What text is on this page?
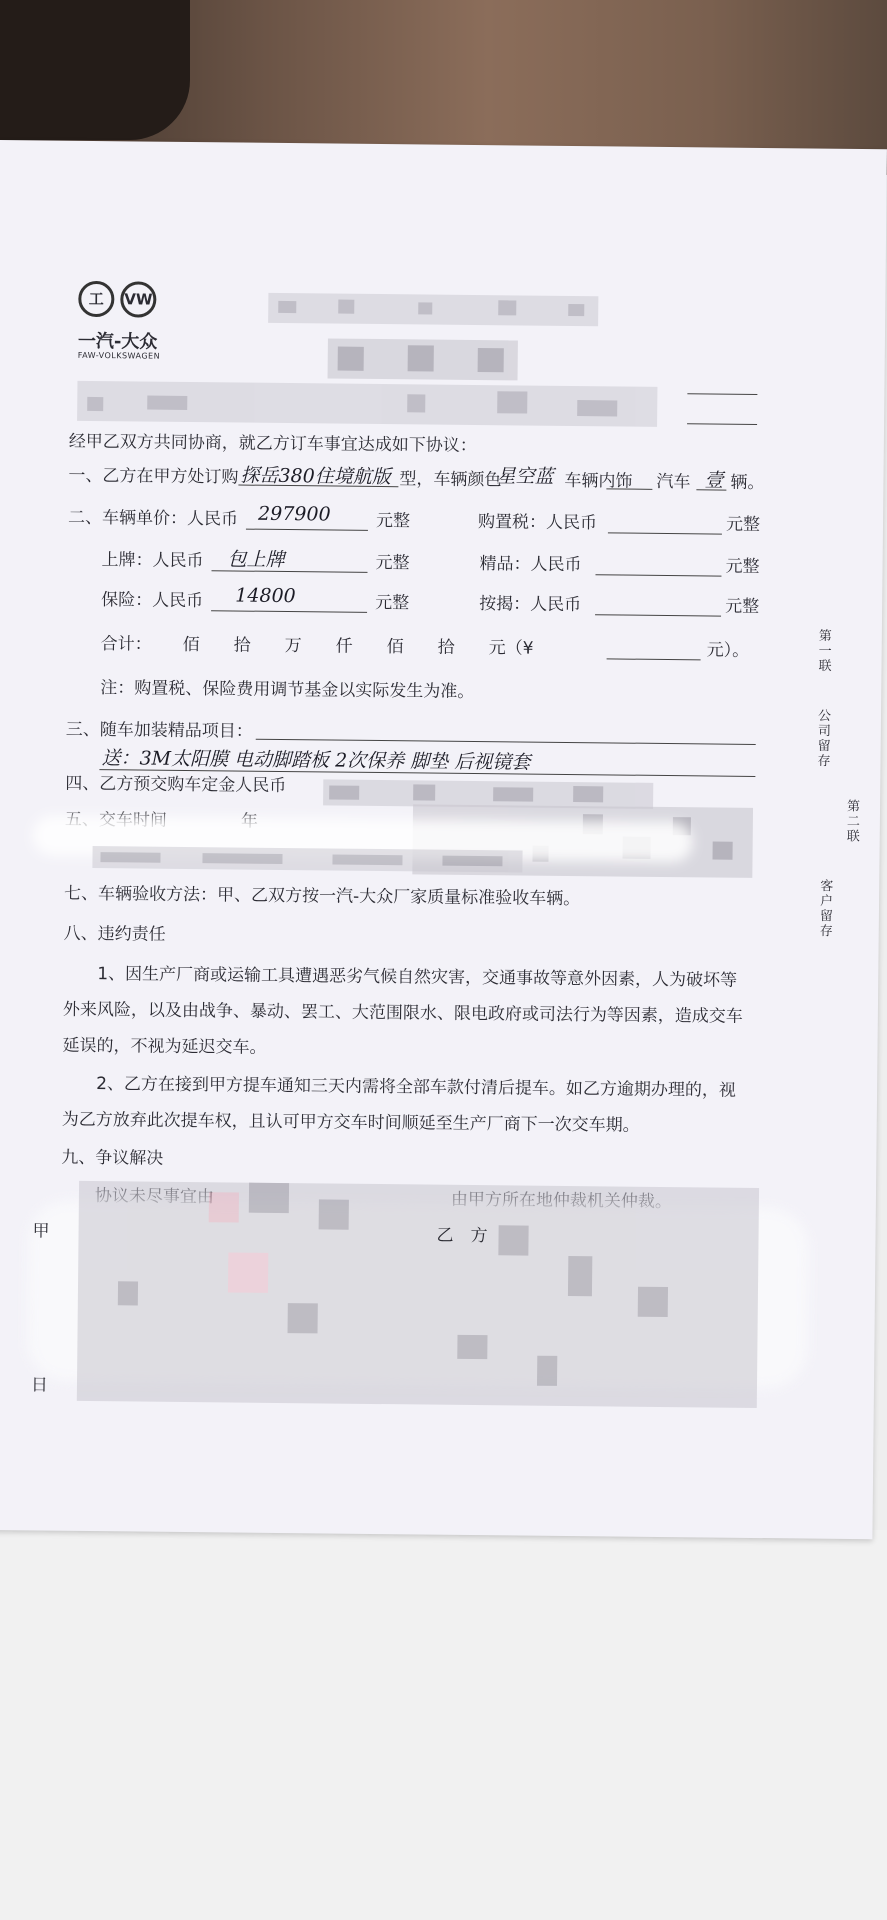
工 VW
一汽-大众
FAW-VOLKSWAGEN
经甲乙双方共同协商，就乙方订车事宜达成如下协议：
一、乙方在甲方处订购 探岳380住境航版 型，车辆颜色
星空蓝 车辆内饰 汽车 壹 辆。
二、车辆单价：人民币 297900	元整	购置税：人民币	元整
上牌：人民币 包上牌	元整	精品：人民币	元整
保险：人民币 14800	元整	按揭：人民币	元整
合计： 佰　　拾　　万　　仟　　佰　　拾　　元（¥	元）。
注：购置税、保险费用调节基金以实际发生为准。
三、随车加装精品项目：
送：3M太阳膜 电动脚踏板 2次保养 脚垫 后视镜套
四、乙方预交购车定金人民币
七、车辆验收方法：甲、乙双方按一汽-大众厂家质量标准验收车辆。
八、违约责任
1、因生产厂商或运输工具遭遇恶劣气候自然灾害，交通事故等意外因素，人为破坏等
外来风险，以及由战争、暴动、罢工、大范围限水、限电政府或司法行为等因素，造成交车
延误的，不视为延迟交车。
2、乙方在接到甲方提车通知三天内需将全部车款付清后提车。如乙方逾期办理的，视
为乙方放弃此次提车权，且认可甲方交车时间顺延至生产厂商下一次交车期。
九、争议解决
甲	乙　方
日
第一联
公司留存
第二联
客户留存
